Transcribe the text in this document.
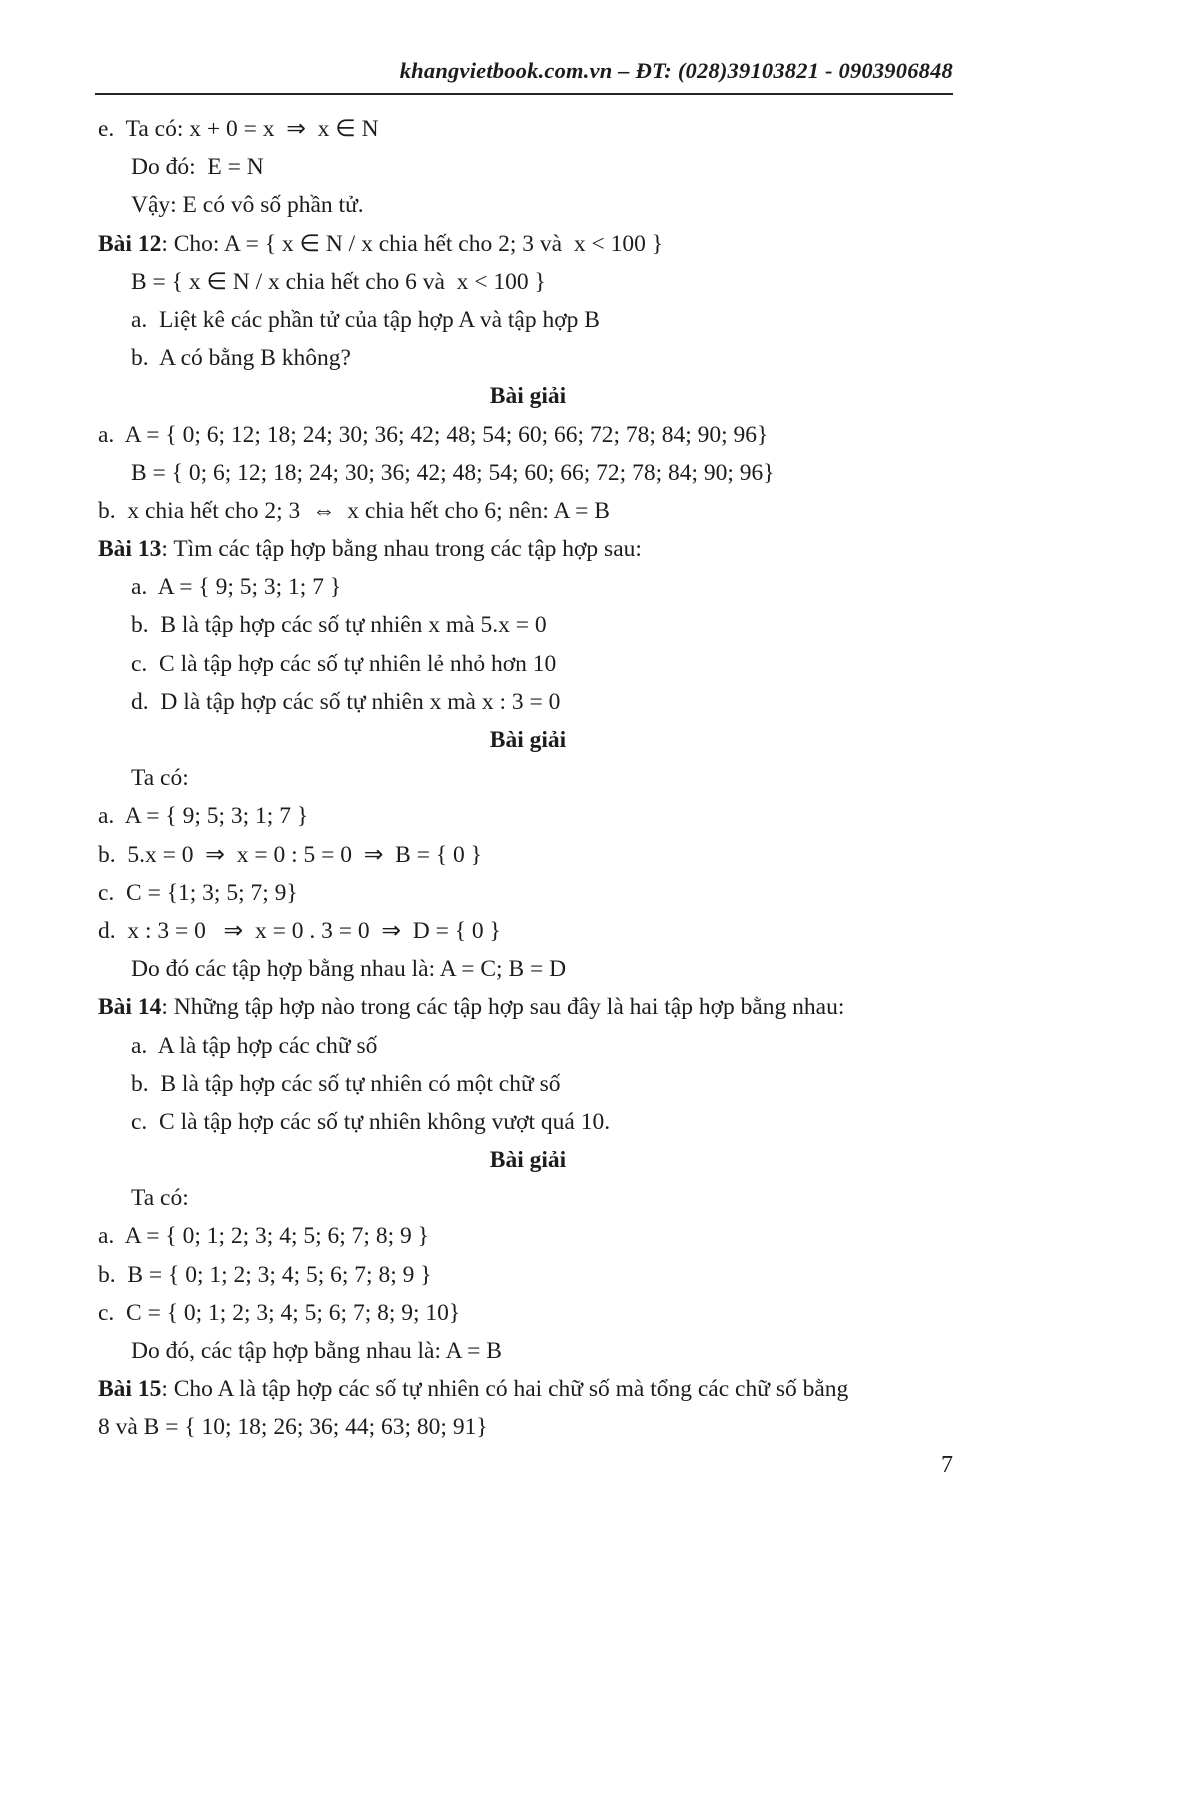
khangvietbook.com.vn – ĐT: (028)39103821 - 0903906848
e.  Ta có: x + 0 = x  ⇒  x ∈ N
Do đó:  E = N
Vậy: E có vô số phần tử.
Bài 12: Cho: A = { x ∈ N / x chia hết cho 2; 3 và  x < 100 }
B = { x ∈ N / x chia hết cho 6 và  x < 100 }
a.  Liệt kê các phần tử của tập hợp A và tập hợp B
b.  A có bằng B không?
Bài giải
a.  A = { 0; 6; 12; 18; 24; 30; 36; 42; 48; 54; 60; 66; 72; 78; 84; 90; 96}
B = { 0; 6; 12; 18; 24; 30; 36; 42; 48; 54; 60; 66; 72; 78; 84; 90; 96}
b.  x chia hết cho 2; 3  ⇔  x chia hết cho 6; nên: A = B
Bài 13: Tìm các tập hợp bằng nhau trong các tập hợp sau:
a.  A = { 9; 5; 3; 1; 7 }
b.  B là tập hợp các số tự nhiên x mà 5.x = 0
c.  C là tập hợp các số tự nhiên lẻ nhỏ hơn 10
d.  D là tập hợp các số tự nhiên x mà x : 3 = 0
Bài giải
Ta có:
a.  A = { 9; 5; 3; 1; 7 }
b.  5.x = 0  ⇒  x = 0 : 5 = 0  ⇒  B = { 0 }
c.  C = {1; 3; 5; 7; 9}
d.  x : 3 = 0   ⇒  x = 0 . 3 = 0  ⇒  D = { 0 }
Do đó các tập hợp bằng nhau là: A = C; B = D
Bài 14: Những tập hợp nào trong các tập hợp sau đây là hai tập hợp bằng nhau:
a.  A là tập hợp các chữ số
b.  B là tập hợp các số tự nhiên có một chữ số
c.  C là tập hợp các số tự nhiên không vượt quá 10.
Bài giải
Ta có:
a.  A = { 0; 1; 2; 3; 4; 5; 6; 7; 8; 9 }
b.  B = { 0; 1; 2; 3; 4; 5; 6; 7; 8; 9 }
c.  C = { 0; 1; 2; 3; 4; 5; 6; 7; 8; 9; 10}
Do đó, các tập hợp bằng nhau là: A = B
Bài 15: Cho A là tập hợp các số tự nhiên có hai chữ số mà tổng các chữ số bằng
8 và B = { 10; 18; 26; 36; 44; 63; 80; 91}
7
